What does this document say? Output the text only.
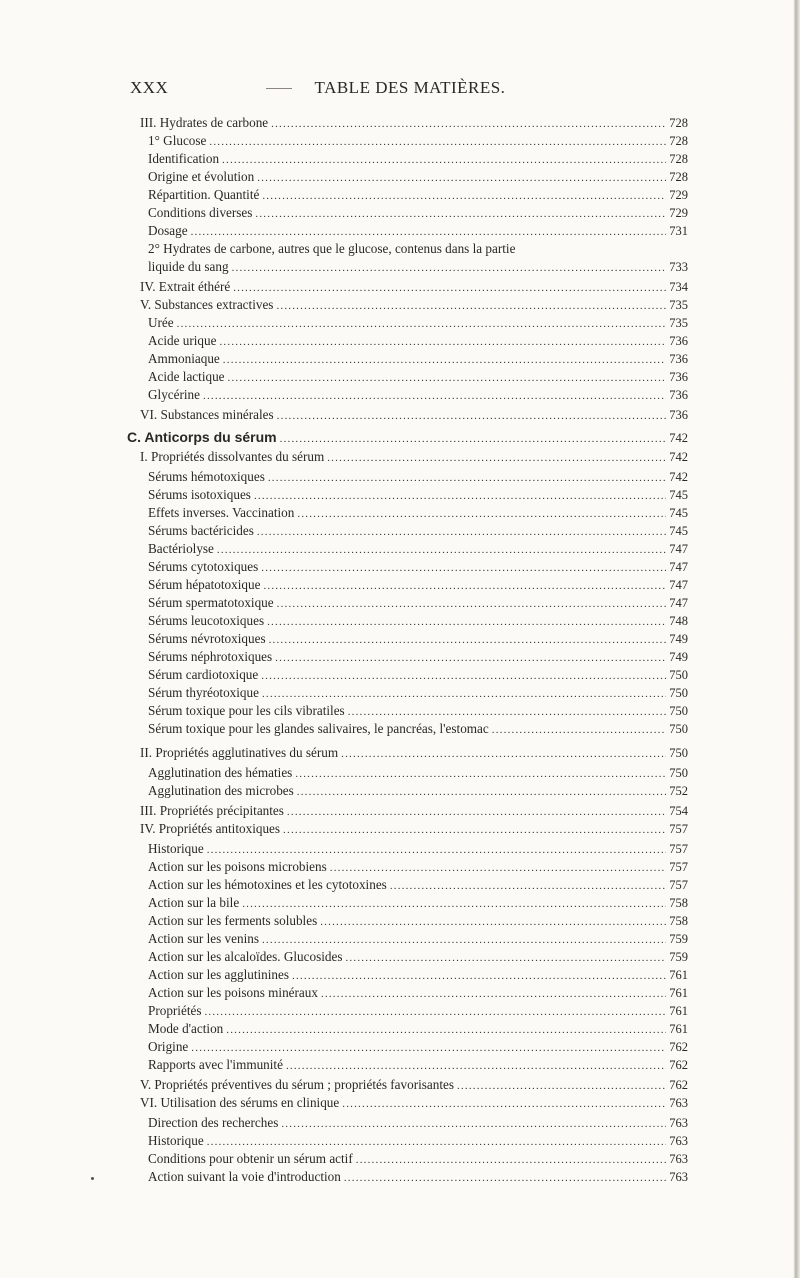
XXX	TABLE DES MATIÈRES.
III. Hydrates de carbone .....	728
1° Glucose .....	728
Identification .....	728
Origine et évolution .....	728
Répartition. Quantité .....	729
Conditions diverses .....	729
Dosage .....	731
2° Hydrates de carbone, autres que le glucose, contenus dans la partie
liquide du sang .....	733
IV. Extrait éthéré .....	734
V. Substances extractives .....	735
Urée .....	735
Acide urique .....	736
Ammoniaque .....	736
Acide lactique .....	736
Glycérine .....	736
VI. Substances minérales .....	736
C. Anticorps du sérum .....	742
I. Propriétés dissolvantes du sérum .....	742
Sérums hémotoxiques .....	742
Sérums isotoxiques .....	745
Effets inverses. Vaccination .....	745
Sérums bactéricides .....	745
Bactériolyse .....	747
Sérums cytotoxiques .....	747
Sérum hépatotoxique .....	747
Sérum spermatotoxique .....	747
Sérums leucotoxiques .....	748
Sérums névrotoxiques .....	749
Sérums néphrotoxiques .....	749
Sérum cardiotoxique .....	750
Sérum thyréotoxique .....	750
Sérum toxique pour les cils vibratiles .....	750
Sérum toxique pour les glandes salivaires, le pancréas, l'estomac .....	750
II. Propriétés agglutinatives du sérum .....	750
Agglutination des hématies .....	750
Agglutination des microbes .....	752
III. Propriétés précipitantes .....	754
IV. Propriétés antitoxiques .....	757
Historique .....	757
Action sur les poisons microbiens .....	757
Action sur les hémotoxines et les cytotoxines .....	757
Action sur la bile .....	758
Action sur les ferments solubles .....	758
Action sur les venins .....	759
Action sur les alcaloïdes. Glucosides .....	759
Action sur les agglutinines .....	761
Action sur les poisons minéraux .....	761
Propriétés .....	761
Mode d'action .....	761
Origine .....	762
Rapports avec l'immunité .....	762
V. Propriétés préventives du sérum ; propriétés favorisantes .....	762
VI. Utilisation des sérums en clinique .....	763
Direction des recherches .....	763
Historique .....	763
Conditions pour obtenir un sérum actif .....	763
Action suivant la voie d'introduction .....	763
